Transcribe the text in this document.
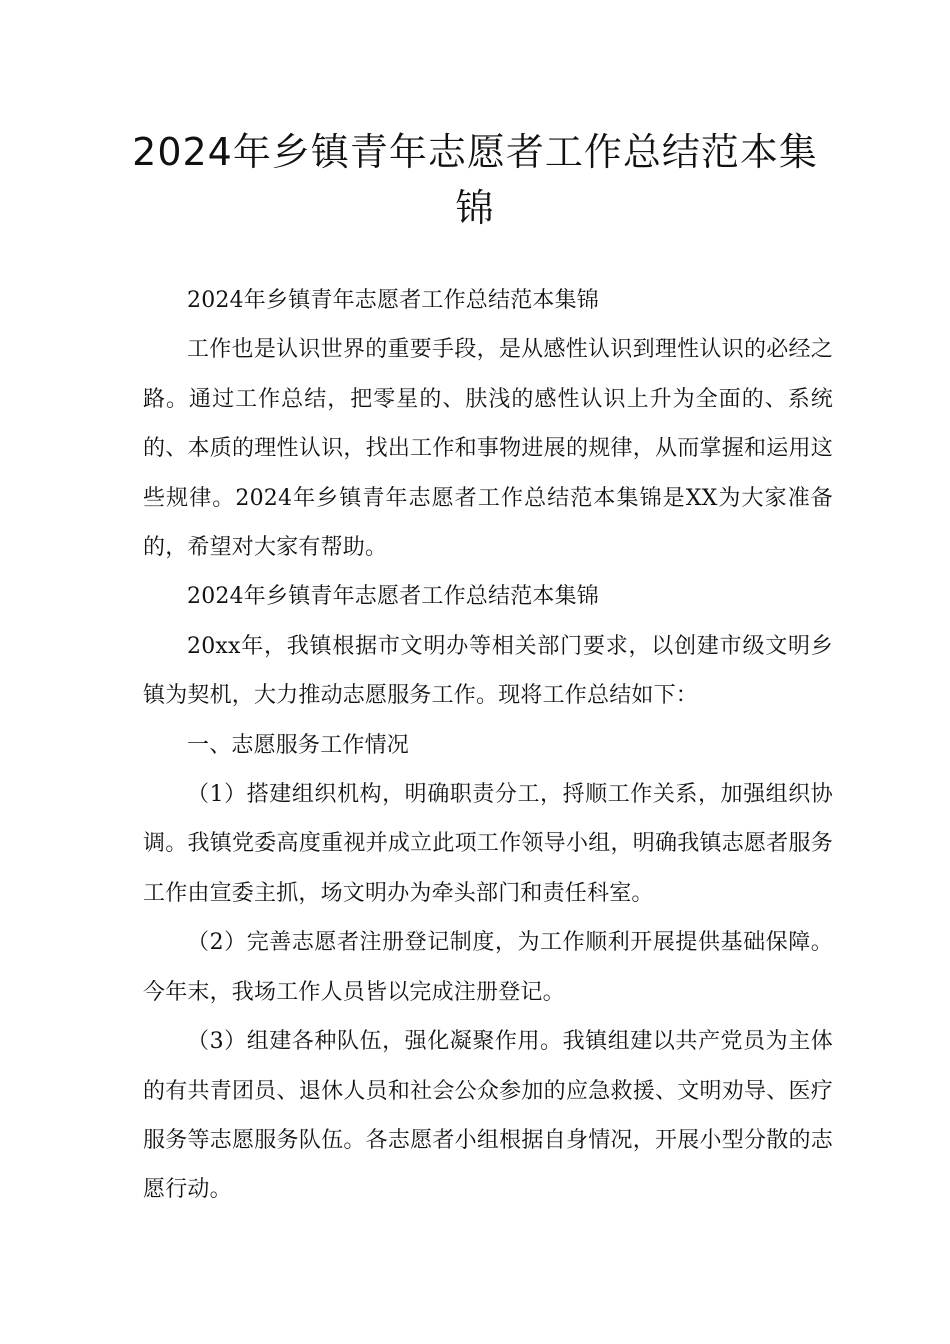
2024年乡镇青年志愿者工作总结范本集锦

2024年乡镇青年志愿者工作总结范本集锦

工作也是认识世界的重要手段，是从感性认识到理性认识的必经之路。通过工作总结，把零星的、肤浅的感性认识上升为全面的、系统的、本质的理性认识，找出工作和事物进展的规律，从而掌握和运用这些规律。2024年乡镇青年志愿者工作总结范本集锦是XX为大家准备的，希望对大家有帮助。

2024年乡镇青年志愿者工作总结范本集锦

20xx年，我镇根据市文明办等相关部门要求，以创建市级文明乡镇为契机，大力推动志愿服务工作。现将工作总结如下：

一、志愿服务工作情况

（1）搭建组织机构，明确职责分工，捋顺工作关系，加强组织协调。我镇党委高度重视并成立此项工作领导小组，明确我镇志愿者服务工作由宣委主抓，场文明办为牵头部门和责任科室。

（2）完善志愿者注册登记制度，为工作顺利开展提供基础保障。今年末，我场工作人员皆以完成注册登记。

（3）组建各种队伍，强化凝聚作用。我镇组建以共产党员为主体的有共青团员、退休人员和社会公众参加的应急救援、文明劝导、医疗服务等志愿服务队伍。各志愿者小组根据自身情况，开展小型分散的志愿行动。
